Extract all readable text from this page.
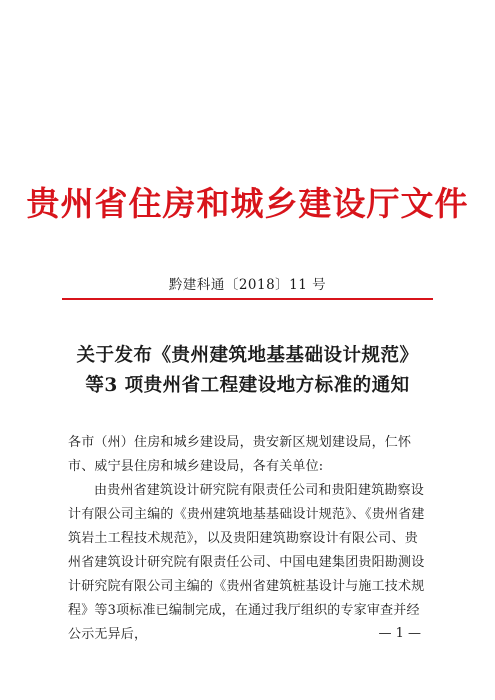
贵州省住房和城乡建设厅文件
黔建科通〔2018〕11 号
关于发布《贵州建筑地基基础设计规范》
等3 项贵州省工程建设地方标准的通知

各市（州）住房和城乡建设局，贵安新区规划建设局，仁怀市、威宁县住房和城乡建设局，各有关单位:

由贵州省建筑设计研究院有限责任公司和贵阳建筑勘察设计有限公司主编的《贵州建筑地基基础设计规范》、《贵州省建筑岩土工程技术规范》，以及贵阳建筑勘察设计有限公司、贵州省建筑设计研究院有限责任公司、中国电建集团贵阳勘测设计研究院有限公司主编的《贵州省建筑桩基设计与施工技术规程》等3项标准已编制完成，在通过我厅组织的专家审查并经公示无异后，	— 1 —
